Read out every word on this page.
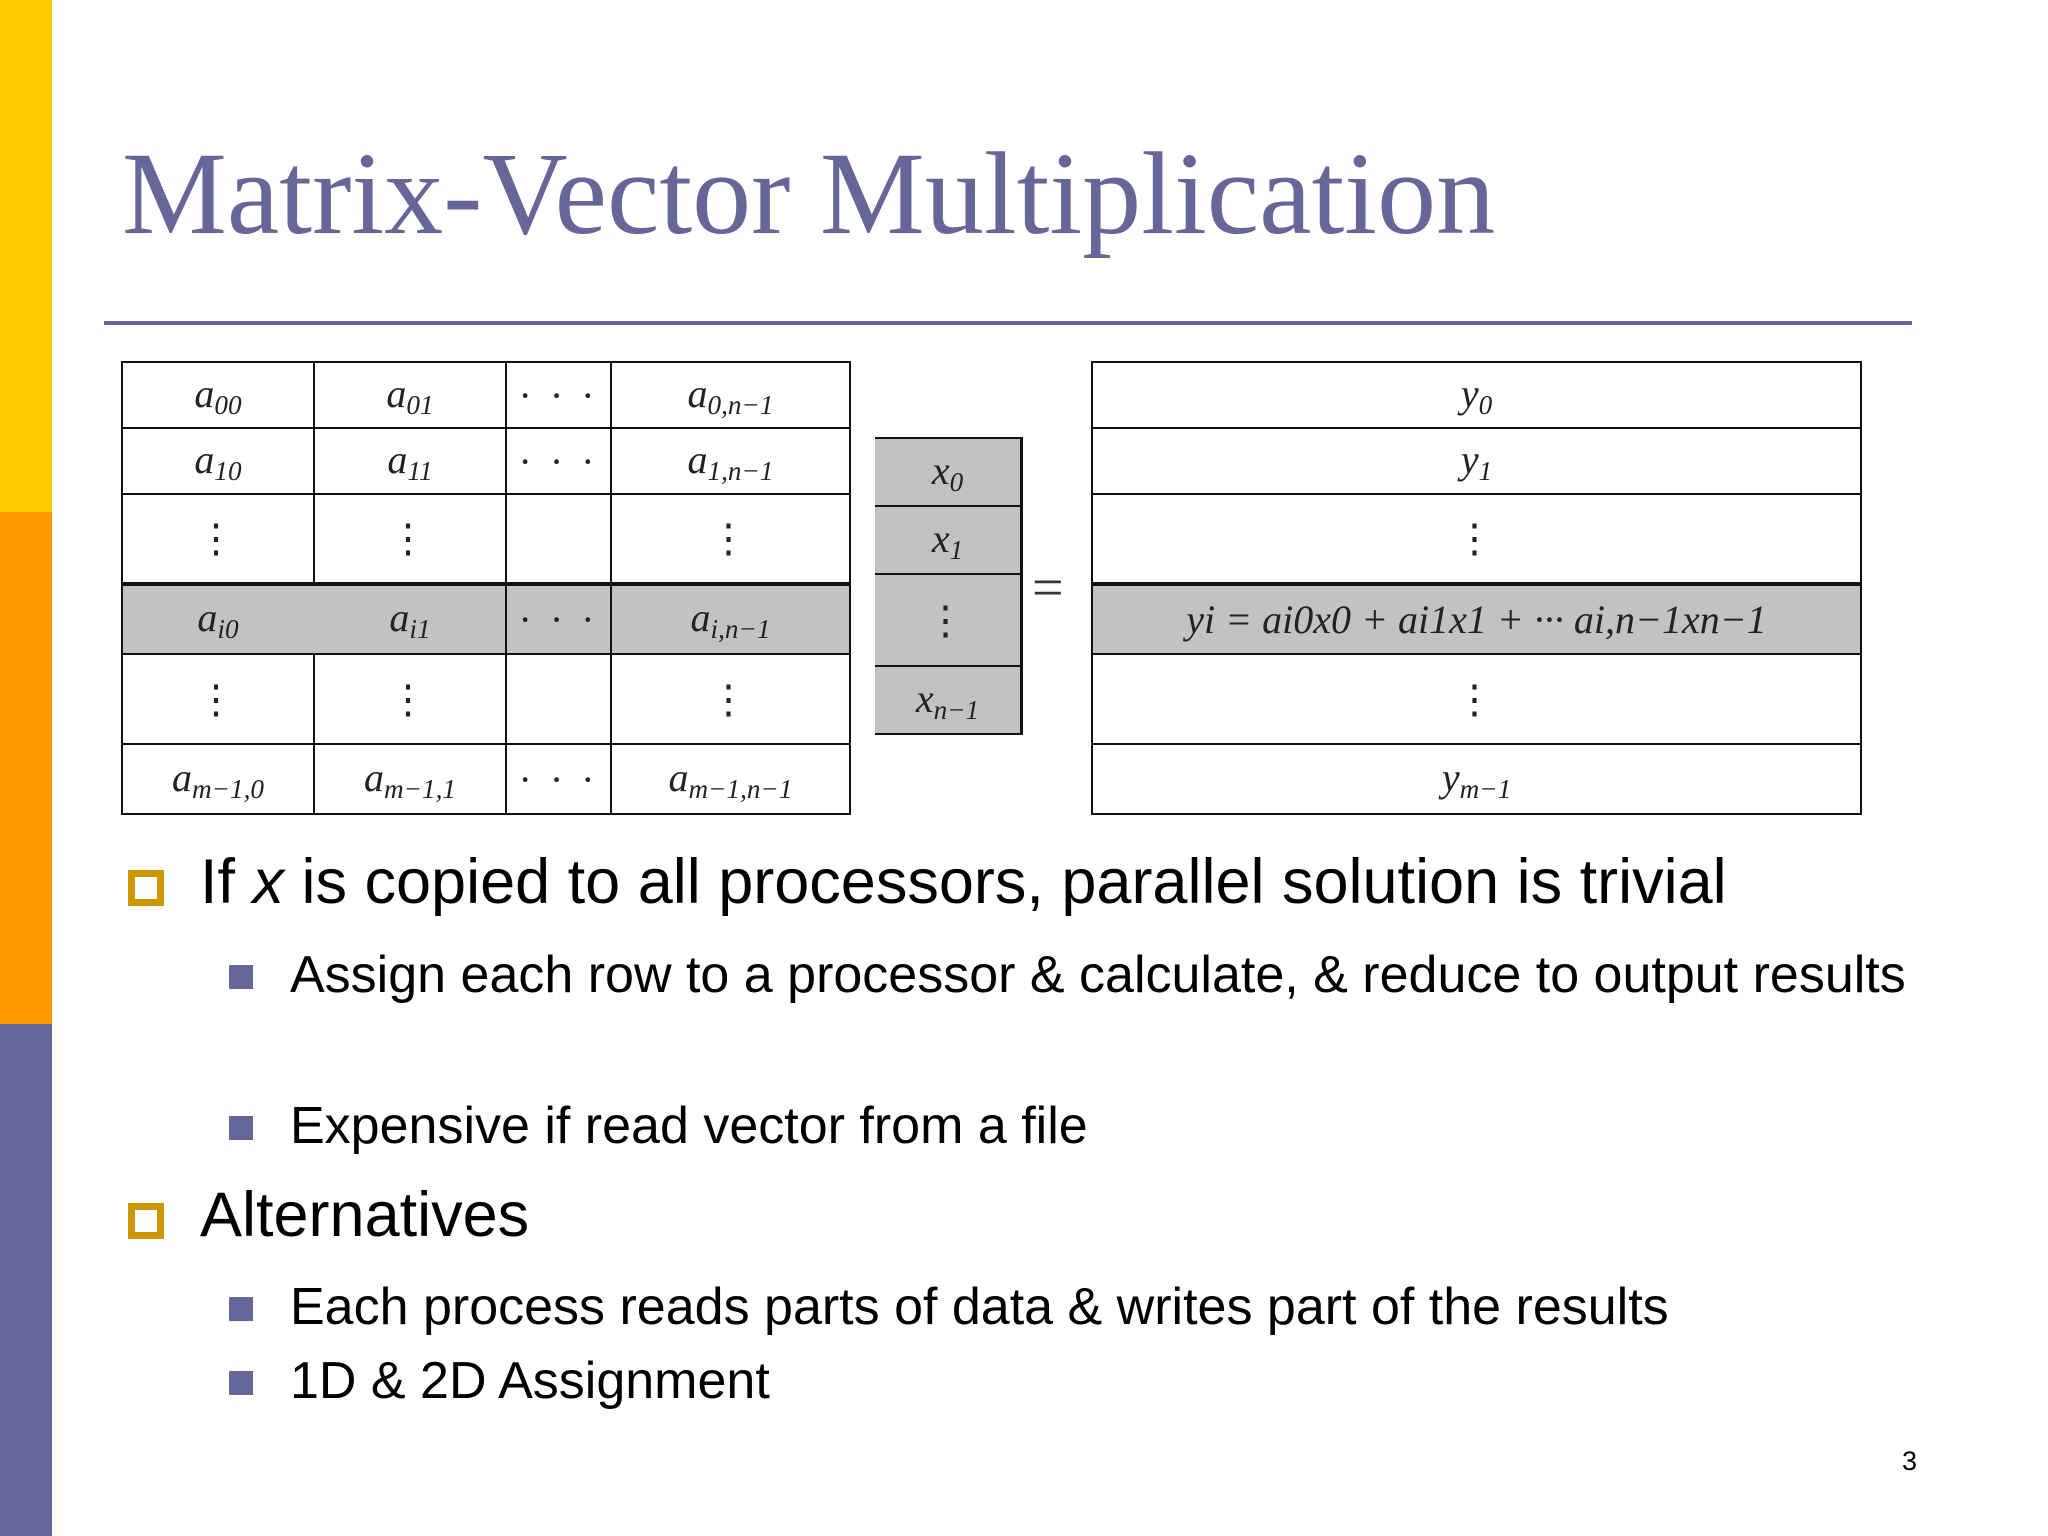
Matrix-Vector Multiplication
$a_{00}$	$a_{01}$	· · ·	$a_{0,n-1}$
$a_{10}$	$a_{11}$	· · ·	$a_{1,n-1}$
⋮	⋮		⋮
$a_{i0}$	$a_{i1}$	· · ·	$a_{i,n-1}$
⋮	⋮		⋮
$a_{m-1,0}$	$a_{m-1,1}$	· · ·	$a_{m-1,n-1}$
$x_0$
$x_1$
⋮
$x_{n-1}$
=
$y_0$
$y_1$
⋮
yi = ai0x0 + ai1x1 + ··· ai,n−1xn−1
⋮
$y_{m-1}$
If x is copied to all processors, parallel solution is trivial
Assign each row to a processor & calculate, & reduce to output results
Expensive if read vector from a file
Alternatives
Each process reads parts of data & writes part of the results
1D & 2D Assignment
3
